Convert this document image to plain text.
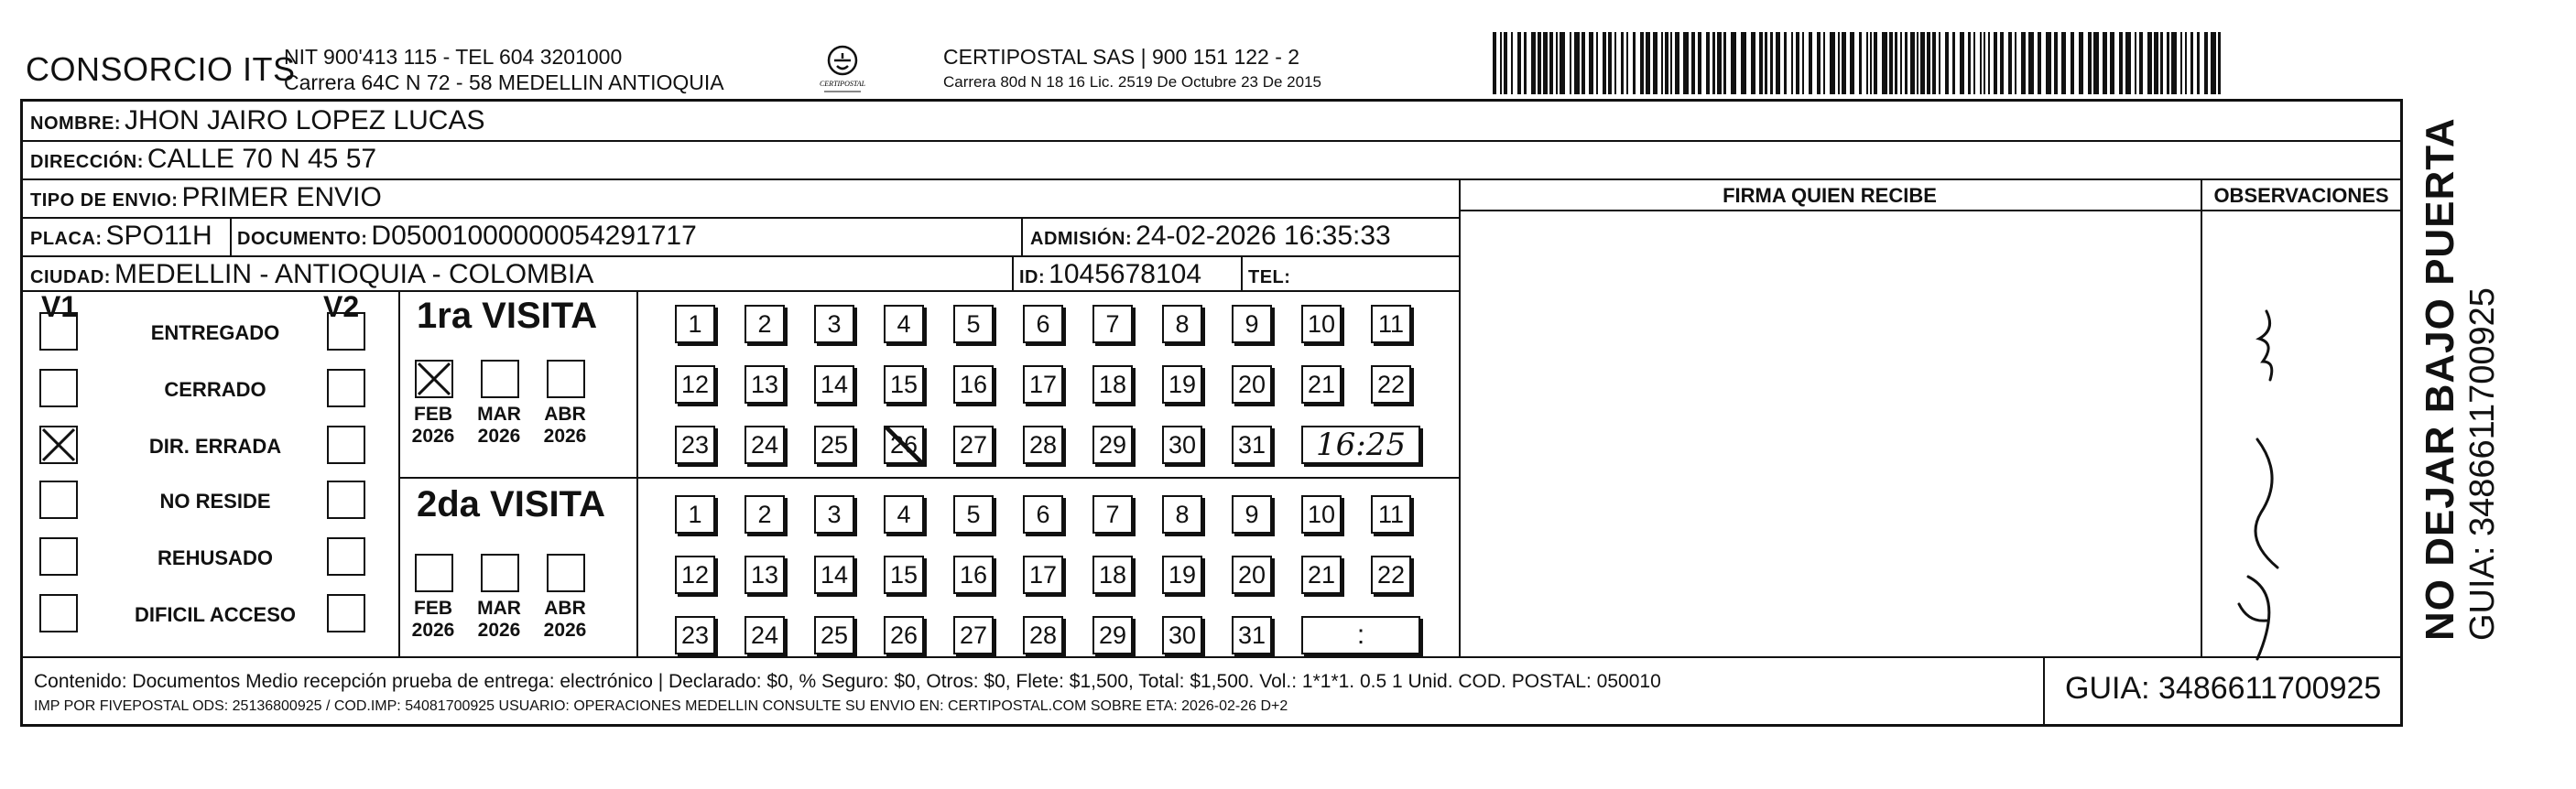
CONSORCIO ITS
NIT 900'413 115 - TEL 604 3201000
Carrera 64C N 72 - 58 MEDELLIN ANTIOQUIA	CERTIPOSTAL
CERTIPOSTAL SAS | 900 151 122 - 2
Carrera 80d N 18 16 Lic. 2519 De Octubre 23 De 2015
NOMBRE: JHON JAIRO LOPEZ LUCAS
DIRECCIÓN: CALLE 70 N 45 57
TIPO DE ENVIO: PRIMER ENVIO
PLACA: SPO11H DOCUMENTO: D05001000000054291717	ADMISIÓN: 24-02-2026 16:35:33
CIUDAD: MEDELLIN - ANTIOQUIA - COLOMBIA	ID: 1045678104	TEL:
FIRMA QUIEN RECIBE	OBSERVACIONES
V1	V2
ENTREGADO
CERRADO
DIR. ERRADA
NO RESIDE
REHUSADO
DIFICIL ACCESO
1ra VISITA
2da VISITA
FEB
2026
MAR
2026
ABR
2026
FEB
2026
MAR
2026
ABR
2026
1	2	3	4	5	6	7	8	9	10 11
12 13 14 15 16 17 18 19 20 21 22
23 24 25 26 27 28 29 30 31	16:25
1	2	3	4	5	6	7	8	9	10 11
12 13 14 15 16 17 18 19 20 21 22
23 24 25 26 27 28 29 30 31	:
Contenido: Documentos Medio recepción prueba de entrega: electrónico | Declarado: $0, % Seguro: $0, Otros: $0, Flete: $1,500, Total: $1,500. Vol.: 1*1*1. 0.5 1 Unid. COD. POSTAL: 050010
IMP POR FIVEPOSTAL ODS: 25136800925 / COD.IMP: 54081700925 USUARIO: OPERACIONES MEDELLIN CONSULTE SU ENVIO EN: CERTIPOSTAL.COM SOBRE ETA: 2026-02-26 D+2
GUIA: 3486611700925
NO DEJAR BAJO PUERTA GUIA: 3486611700925
